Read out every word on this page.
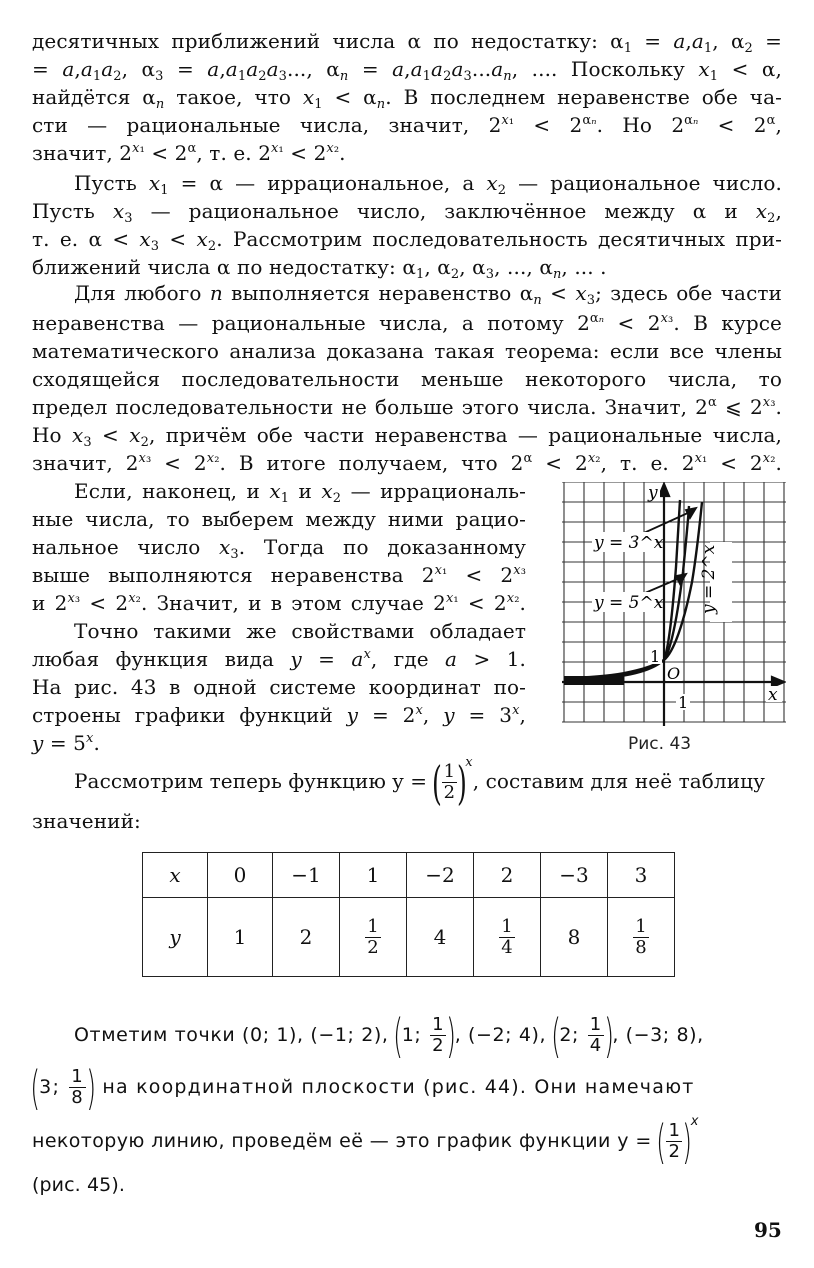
десятичных приближений числа α по недостатку: $\alpha_1 = a,a_1$, $\alpha_2$ =
= $a,a_1a_2$, $\alpha_3 = a,a_1a_2a_3$..., $\alpha_n = a,a_1a_2a_3...a_n$, .... Поскольку $x_1 < \alpha$,
найдётся $\alpha_n$ такое, что $x_1 < \alpha_n$. В последнем неравенстве обе ча-
сти — рациональные числа, значит, $2^{x_1} < 2^{\alpha_n}$. Но $2^{\alpha_n} < 2^\alpha$,
значит, $2^{x_1} < 2^\alpha$, т. е. $2^{x_1} < 2^{x_2}$.
Пусть $x_1 = \alpha$ — иррациональное, а $x_2$ — рациональное число.
Пусть $x_3$ — рациональное число, заключённое между α и $x_2$,
т. е. $\alpha < x_3 < x_2$. Рассмотрим последовательность десятичных при-
ближений числа α по недостатку: $\alpha_1$, $\alpha_2$, $\alpha_3$, ..., $\alpha_n$, ... .
Для любого n выполняется неравенство $\alpha_n < x_3$; здесь обе части
неравенства — рациональные числа, а потому $2^{\alpha_n} < 2^{x_3}$. В курсе
математического анализа доказана такая теорема: если все члены
сходящейся последовательности меньше некоторого числа, то
предел последовательности не больше этого числа. Значит, $2^\alpha$ ⩽ $2^{x_3}$.
Но $x_3 < x_2$, причём обе части неравенства — рациональные числа,
значит, $2^{x_3} < 2^{x_2}$. В итоге получаем, что $2^\alpha < 2^{x_2}$, т. е. $2^{x_1} < 2^{x_2}$.
Если, наконец, и $x_1$ и $x_2$ — иррациональ-
ные числа, то выберем между ними рацио-
нальное число $x_3$. Тогда по доказанному
выше выполняются неравенства $2^{x_1} < 2^{x_3}$
и $2^{x_3} < 2^{x_2}$. Значит, и в этом случае $2^{x_1} < 2^{x_2}$.
Точно такими же свойствами обладает
любая функция вида $y = a^x$, где a > 1.
На рис. 43 в одной системе координат по-
строены графики функций $y = 2^x$, $y = 3^x$,
$y = 5^x$.
y = 3^x
y = 5^x y = 2^x
y
x
O
1
1
Рис. 43
Рассмотрим теперь функцию y = ( $\frac{1}{2} )^x$, составим для неё таблицу
значений:
x	0	−1	1	−2	2	−3	3
y	1	2	$\frac{1}{2}$	4	$\frac{1}{4}$	8	$\frac{1}{8}$
Отметим точки (0; 1), (−1; 2), (1; $\frac{1}{2}$ ), (−2; 4), (2; $\frac{1}{4}$ ), (−3; 8),
(3; $\frac{1}{8}$ ) на координатной плоскости (рис. 44). Они намечают
некоторую линию, проведём её — это график функции y = ( $\frac{1}{2} )^x$
(рис. 45).
95
